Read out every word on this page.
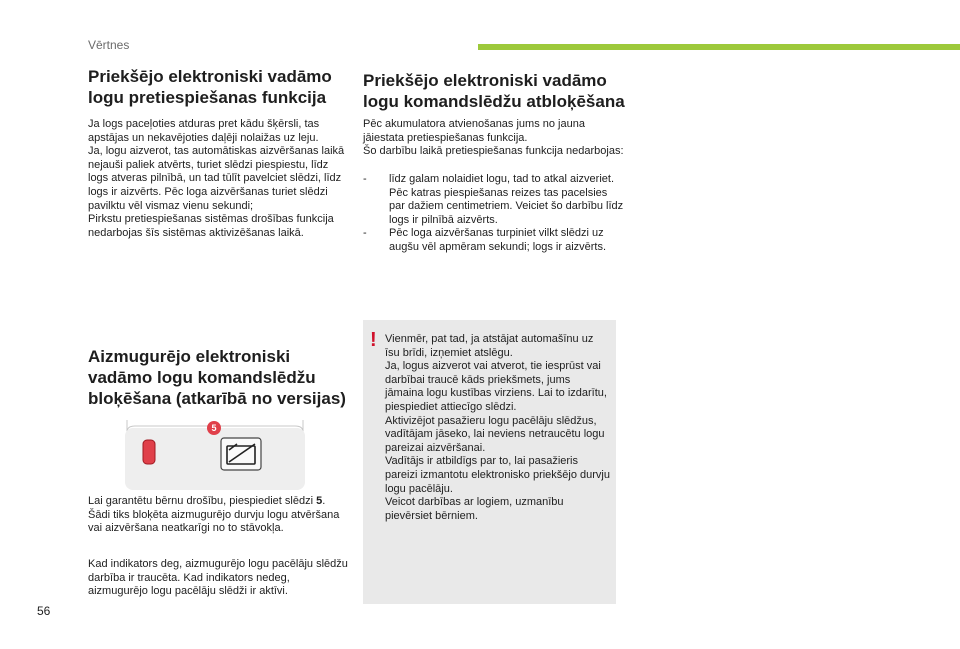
Vērtnes
Priekšējo elektroniski vadāmo logu pretiespiešanas funkcija

Ja logs paceļoties atduras pret kādu šķērsli, tas apstājas un nekavējoties daļēji nolaižas uz leju.
Ja, logu aizverot, tas automātiskas aizvēršanas laikā nejauši paliek atvērts, turiet slēdzi piespiestu, līdz logs atveras pilnībā, un tad tūlīt pavelciet slēdzi, līdz logs ir aizvērts. Pēc loga aizvēršanas turiet slēdzi pavilktu vēl vismaz vienu sekundi;
Pirkstu pretiespiešanas sistēmas drošības funkcija nedarbojas šīs sistēmas aktivizēšanas laikā.

Priekšējo elektroniski vadāmo logu komandslēdžu atbloķēšana

Pēc akumulatora atvienošanas jums no jauna jāiestata pretiespiešanas funkcija.
Šo darbību laikā pretiespiešanas funkcija nedarbojas:

- līdz galam nolaidiet logu, tad to atkal aizveriet. Pēc katras piespiešanas reizes tas pacelsies par dažiem centimetriem. Veiciet šo darbību līdz logs ir pilnībā aizvērts.
- Pēc loga aizvēršanas turpiniet vilkt slēdzi uz augšu vēl apmēram sekundi; logs ir aizvērts.
Aizmugurējo elektroniski vadāmo logu komandslēdžu bloķēšana (atkarībā no versijas)
5

Lai garantētu bērnu drošību, piespiediet slēdzi 5. Šādi tiks bloķēta aizmugurējo durvju logu atvēršana vai aizvēršana neatkarīgi no to stāvokļa.

Kad indikators deg, aizmugurējo logu pacēlāju slēdžu darbība ir traucēta. Kad indikators nedeg, aizmugurējo logu pacēlāju slēdži ir aktīvi.

! Vienmēr, pat tad, ja atstājat automašīnu uz īsu brīdi, izņemiet atslēgu.
Ja, logus aizverot vai atverot, tie iesprūst vai darbībai traucē kāds priekšmets, jums jāmaina logu kustības virziens. Lai to izdarītu, piespiediet attiecīgo slēdzi.
Aktivizējot pasažieru logu pacēlāju slēdžus, vadītājam jāseko, lai neviens netraucētu logu pareizai aizvēršanai.
Vadītājs ir atbildīgs par to, lai pasažieris pareizi izmantotu elektronisko priekšējo durvju logu pacēlāju.
Veicot darbības ar logiem, uzmanību pievērsiet bērniem.

56
